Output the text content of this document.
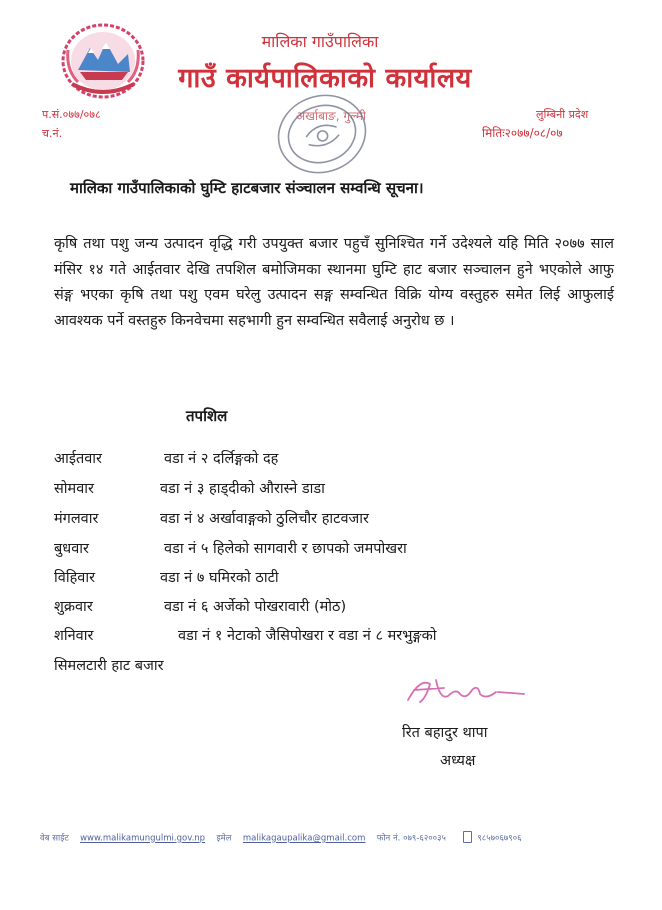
मालिका गाउँपालिका
गाउँ कार्यपालिकाको कार्यालय
प.सं.०७७/०७८
च.नं.
अर्खाबाङ, गुल्मी	लुम्बिनी प्रदेश
मितिः२०७७/०८/०७
मालिका गाउँपालिकाको घुम्टि हाटबजार संञ्चालन सम्वन्धि सूचना।
कृषि तथा पशु जन्य उत्पादन वृद्धि गरी उपयुक्त बजार पहुचँ सुनिश्चित गर्ने उदेश्यले यहि मिति २०७७ साल मंसिर १४ गते आईतवार देखि तपशिल बमोजिमका स्थानमा घुम्टि हाट बजार सञ्चालन हुने भएकोले आफु संङ्ग भएका कृषि तथा पशु एवम घरेलु उत्पादन सङ्ग सम्वन्धित विक्रि योग्य वस्तुहरु समेत लिई आफुलाई आवश्यक पर्ने वस्तहुरु किनवेचमा सहभागी हुन सम्वन्धित सवैलाई अनुरोध छ ।
तपशिल
आईतवार	वडा नं २ दर्लिङ्गको दह
सोमवार	वडा नं ३ हाड्दीको औरास्ने डाडा
मंगलवार	वडा नं ४ अर्खावाङ्गको ठुलिचौर हाटवजार
बुधवार	वडा नं ५ हिलेको सागवारी र छापको जमपोखरा
विहिवार	वडा नं ७ घमिरको ठाटी
शुक्रवार	वडा नं ६ अर्जेको पोखरावारी (मोठ)
शनिवार	वडा नं १ नेटाको जैसिपोखरा र वडा नं ८ मरभुङ्गको
सिमलटारी हाट बजार
रित बहादुर थापा
अध्यक्ष
वेब साईट www.malikamungulmi.gov.np इमेल malikagaupalika@gmail.com फोन नं. ०७९-६२००३५	९८५७०६७९०६
